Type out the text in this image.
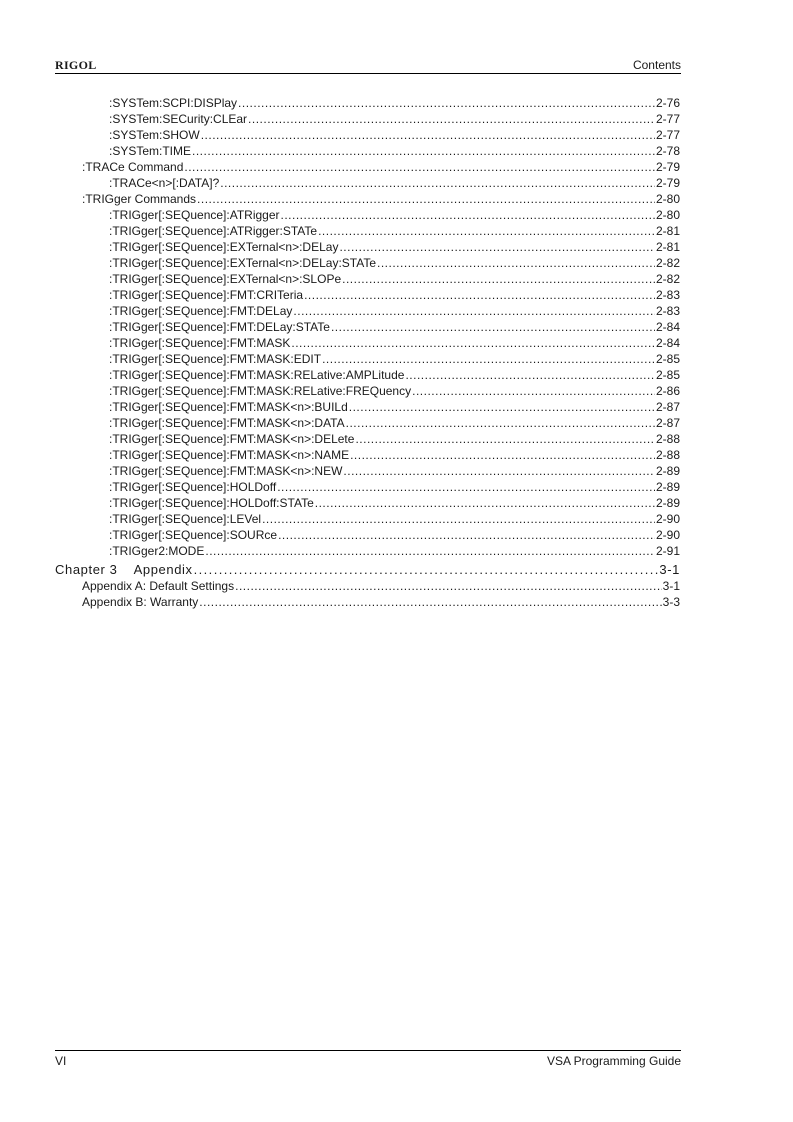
RIGOL	Contents
:SYSTem:SCPI:DISPlay .....	2-76
:SYSTem:SECurity:CLEar .....	2-77
:SYSTem:SHOW .....	2-77
:SYSTem:TIME .....	2-78
:TRACe Command .....	2-79
:TRACe<n>[:DATA]? .....	2-79
:TRIGger Commands .....	2-80
:TRIGger[:SEQuence]:ATRigger .....	2-80
:TRIGger[:SEQuence]:ATRigger:STATe .....	2-81
:TRIGger[:SEQuence]:EXTernal<n>:DELay .....	2-81
:TRIGger[:SEQuence]:EXTernal<n>:DELay:STATe .....	2-82
:TRIGger[:SEQuence]:EXTernal<n>:SLOPe .....	2-82
:TRIGger[:SEQuence]:FMT:CRITeria .....	2-83
:TRIGger[:SEQuence]:FMT:DELay .....	2-83
:TRIGger[:SEQuence]:FMT:DELay:STATe .....	2-84
:TRIGger[:SEQuence]:FMT:MASK .....	2-84
:TRIGger[:SEQuence]:FMT:MASK:EDIT .....	2-85
:TRIGger[:SEQuence]:FMT:MASK:RELative:AMPLitude .....	2-85
:TRIGger[:SEQuence]:FMT:MASK:RELative:FREQuency .....	2-86
:TRIGger[:SEQuence]:FMT:MASK<n>:BUILd .....	2-87
:TRIGger[:SEQuence]:FMT:MASK<n>:DATA .....	2-87
:TRIGger[:SEQuence]:FMT:MASK<n>:DELete .....	2-88
:TRIGger[:SEQuence]:FMT:MASK<n>:NAME .....	2-88
:TRIGger[:SEQuence]:FMT:MASK<n>:NEW .....	2-89
:TRIGger[:SEQuence]:HOLDoff .....	2-89
:TRIGger[:SEQuence]:HOLDoff:STATe .....	2-89
:TRIGger[:SEQuence]:LEVel .....	2-90
:TRIGger[:SEQuence]:SOURce .....	2-90
:TRIGger2:MODE .....	2-91
Chapter 3    Appendix .....	3-1
Appendix A: Default Settings .....	3-1
Appendix B: Warranty .....	3-3
VI	VSA Programming Guide
